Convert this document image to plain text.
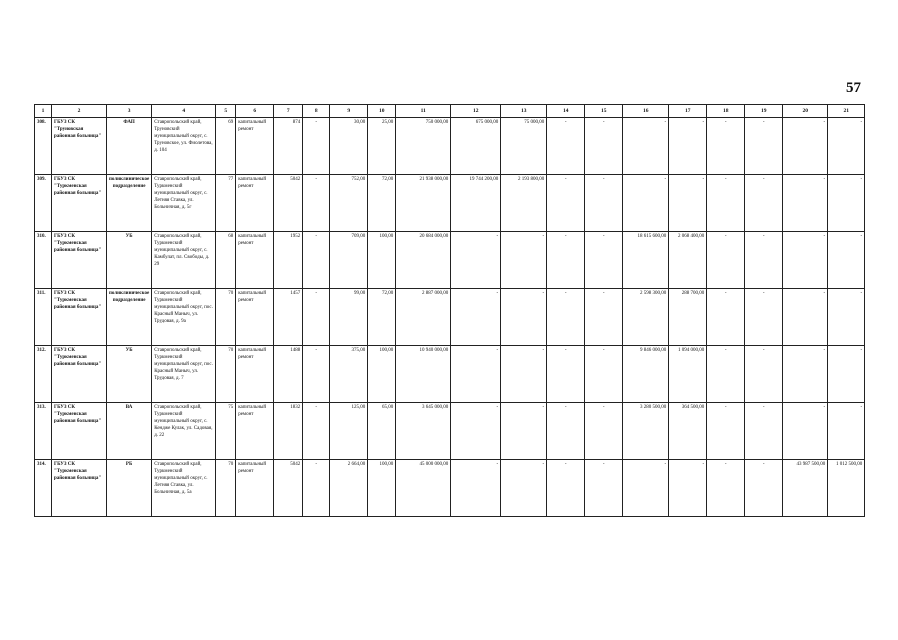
57
1	2	3	4	5	6	7	8	9	10	11	12	13	14	15	16	17	18	19	20	21
308.	ГБУЗ СК "Труновская районная больница"	ФАП	Ставропольский край, Труновский муниципальный округ, с. Труновское, ул. Фиолетова, д. 104	69	капитальный ремонт	874	-	30,00	25,00	750 000,00	675 000,00	75 000,00	-	-	-	-	-	-	-	-
309.	ГБУЗ СК "Туркменская районная больница"	поликлиническое подразделение	Ставропольский край, Туркменский муниципальный округ, с. Летняя Ставка, ул. Больничная, д. 5г	77	капитальный ремонт	5042	-	752,00	72,00	21 938 000,00	19 744 200,00	2 193 800,00	-	-	-	-	-	-	-	-
310.	ГБУЗ СК "Туркменская районная больница"	УБ	Ставропольский край, Туркменский муниципальный округ, с. Камбулат, пл. Свободы, д. 29	68	капитальный ремонт	1952	-	709,00	100,00	20 684 000,00	-	-	-	-	18 615 600,00	2 068 400,00	-	-	-	-
311.	ГБУЗ СК "Туркменская районная больница"	поликлиническое подразделение	Ставропольский край, Туркменский муниципальный округ, пос. Красный Маныч, ул. Трудовая, д. 9а	70	капитальный ремонт	1457	-	99,00	72,00	2 887 000,00	-	-	-	-	2 598 300,00	288 700,00	-	-	-	-
312.	ГБУЗ СК "Туркменская районная больница"	УБ	Ставропольский край, Туркменский муниципальный округ, пос. Красный Маныч, ул. Трудовая, д. 7	70	капитальный ремонт	1488	-	375,00	100,00	10 940 000,00	-	-	-	-	9 846 000,00	1 094 000,00	-	-	-	-
313.	ГБУЗ СК "Туркменская районная больница"	ВА	Ставропольский край, Туркменский муниципальный округ, с. Кендже Кулак, ул. Садовая, д. 22	75	капитальный ремонт	1832	-	125,00	65,00	3 645 000,00	-	-	-	-	3 280 500,00	364 500,00	-	-	-	-
314.	ГБУЗ СК "Туркменская районная больница"	РБ	Ставропольский край, Туркменский муниципальный округ, с. Летняя Ставка, ул. Больничная, д. 5а	70	капитальный ремонт	5042	-	2 664,00	100,00	45 000 000,00	-	-	-	-	-	-	-	-	43 987 500,00	1 012 500,00
